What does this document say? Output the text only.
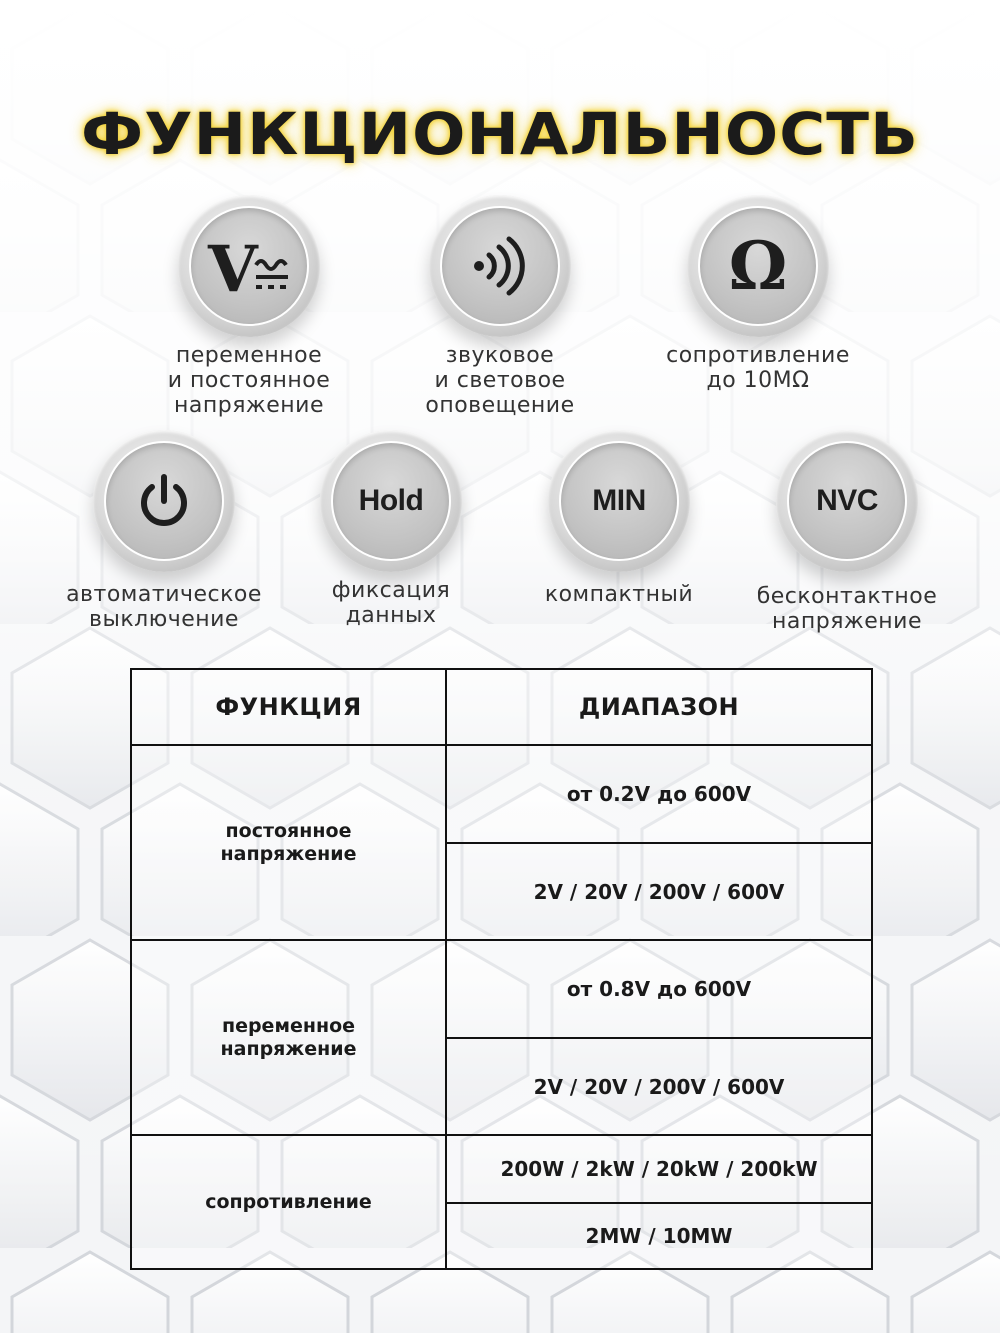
ФУНКЦИОНАЛЬНОСТЬ
V
переменное
и постоянное
напряжение
звуковое
и световое
оповещение
Ω
сопротивление
до 10MΩ
автоматическое
выключение
Hold
фиксация
данных
MIN
компактный
NVC
бесконтактное
напряжение
ФУНКЦИЯ	ДИАПАЗОН

постоянное
напряжение	от 0.2V до 600V
	2V / 20V / 200V / 600V

переменное
напряжение	от 0.8V до 600V
	2V / 20V / 200V / 600V

сопротивление	200W / 2kW / 20kW / 200kW
	2MW / 10MW
